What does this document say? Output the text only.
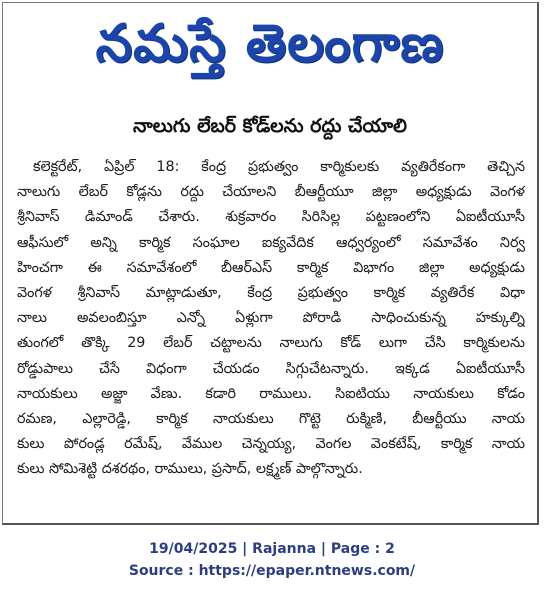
నమస్తే తెలంగాణ
నాలుగు లేబర్ కోడ్‌లను రద్దు చేయాలి
కలెక్టరేట్, ఏప్రిల్ 18: కేంద్ర ప్రభుత్వం కార్మికులకు వ్యతిరేకంగా తెచ్చిన
నాలుగు లేబర్ కోడ్లను రద్దు చేయాలని బీఆర్టీయూ జిల్లా అధ్యక్షుడు వెంగళ
శ్రీనివాస్ డిమాండ్ చేశారు. శుక్రవారం సిరిసిల్ల పట్టణంలోని ఏఐటీయూసీ
ఆఫీసులో అన్ని కార్మిక సంఘాల ఐక్యవేదిక ఆధ్వర్యంలో సమావేశం నిర్వ
హించగా ఈ సమావేశంలో బీఆర్ఎస్ కార్మిక విభాగం జిల్లా అధ్యక్షుడు
వెంగళ శ్రీనివాస్ మాట్లాడుతూ, కేంద్ర ప్రభుత్వం కార్మిక వ్యతిరేక విధా
నాలు అవలంబిస్తూ ఎన్నో ఏళ్లుగా పోరాడి సాధించుకున్న హక్కుల్ని
తుంగలో తొక్కి 29 లేబర్ చట్టాలను నాలుగు కోడ్ లుగా చేసి కార్మికులను
రోడ్డుపాలు చేసే విధంగా చేయడం సిగ్గుచేటన్నారు. ఇక్కడ ఏఐటీయూసీ
నాయకులు అజ్జా వేణు. కడారి రాములు. సిఐటియు నాయకులు కోడం
రమణ, ఎల్లారెడ్డి, కార్మిక నాయకులు గొట్టె రుక్మిణి, బీఆర్టీయు నాయ
కులు పోరండ్ల రమేష్, వేముల చెన్నయ్య, వెంగల వెంకటేష్, కార్మిక నాయ
కులు సోమిశెట్టి దశరథం, రాములు, ప్రసాద్, లక్ష్మణ్ పాల్గొన్నారు.
19/04/2025 | Rajanna | Page : 2
Source : https://epaper.ntnews.com/
